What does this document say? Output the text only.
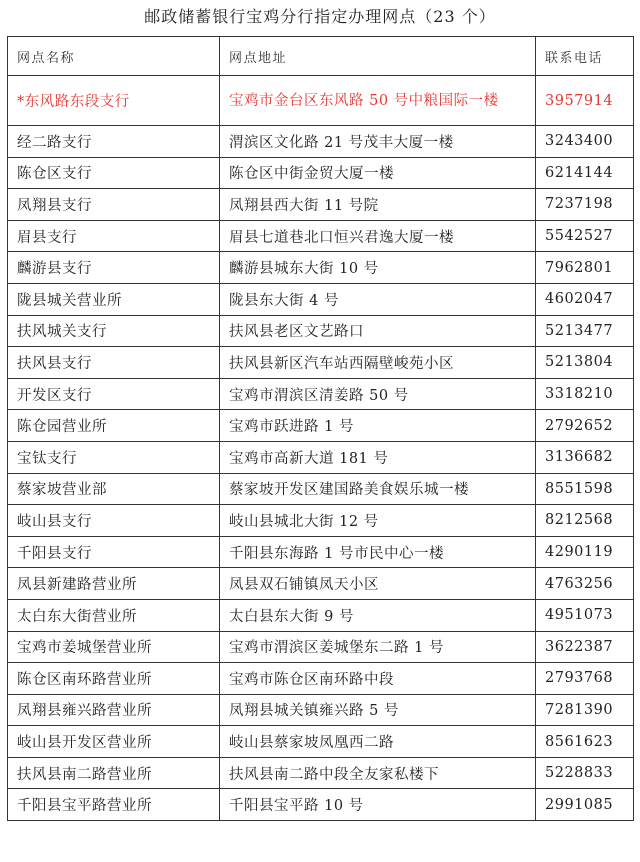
邮政储蓄银行宝鸡分行指定办理网点（23 个）
网点名称	网点地址	联系电话
*东风路东段支行	宝鸡市金台区东风路 50 号中粮国际一楼	3957914
经二路支行	渭滨区文化路 21 号茂丰大厦一楼	3243400
陈仓区支行	陈仓区中街金贸大厦一楼	6214144
凤翔县支行	凤翔县西大街 11 号院	7237198
眉县支行	眉县七道巷北口恒兴君逸大厦一楼	5542527
麟游县支行	麟游县城东大街 10 号	7962801
陇县城关营业所	陇县东大街 4 号	4602047
扶风城关支行	扶风县老区文艺路口	5213477
扶风县支行	扶风县新区汽车站西隔壁峻苑小区	5213804
开发区支行	宝鸡市渭滨区清姜路 50 号	3318210
陈仓园营业所	宝鸡市跃进路 1 号	2792652
宝钛支行	宝鸡市高新大道 181 号	3136682
蔡家坡营业部	蔡家坡开发区建国路美食娱乐城一楼	8551598
岐山县支行	岐山县城北大街 12 号	8212568
千阳县支行	千阳县东海路 1 号市民中心一楼	4290119
凤县新建路营业所	凤县双石铺镇凤天小区	4763256
太白东大街营业所	太白县东大街 9 号	4951073
宝鸡市姜城堡营业所	宝鸡市渭滨区姜城堡东二路 1 号	3622387
陈仓区南环路营业所	宝鸡市陈仓区南环路中段	2793768
凤翔县雍兴路营业所	凤翔县城关镇雍兴路 5 号	7281390
岐山县开发区营业所	岐山县蔡家坡凤凰西二路	8561623
扶风县南二路营业所	扶风县南二路中段全友家私楼下	5228833
千阳县宝平路营业所	千阳县宝平路 10 号	2991085
